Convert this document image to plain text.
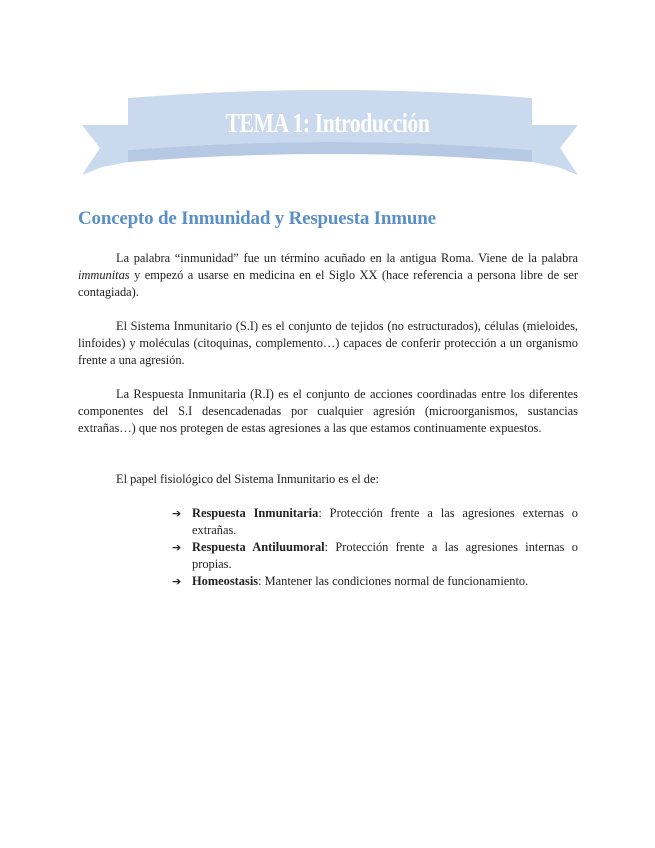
TEMA 1: Introducción
Concepto de Inmunidad y Respuesta Inmune

La palabra “inmunidad” fue un término acuñado en la antigua Roma. Viene de la palabra immunitas y empezó a usarse en medicina en el Siglo XX (hace referencia a persona libre de ser contagiada).

El Sistema Inmunitario (S.I) es el conjunto de tejidos (no estructurados), células (mieloides, linfoides) y moléculas (citoquinas, complemento…) capaces de conferir protección a un organismo frente a una agresión.

La Respuesta Inmunitaria (R.I) es el conjunto de acciones coordinadas entre los diferentes componentes del S.I desencadenadas por cualquier agresión (microorganismos, sustancias extrañas…) que nos protegen de estas agresiones a las que estamos continuamente expuestos.

El papel fisiológico del Sistema Inmunitario es el de:

➔ Respuesta Inmunitaria: Protección frente a las agresiones externas o extrañas.
➔ Respuesta Antiluumoral: Protección frente a las agresiones internas o propias.
➔ Homeostasis: Mantener las condiciones normal de funcionamiento.
